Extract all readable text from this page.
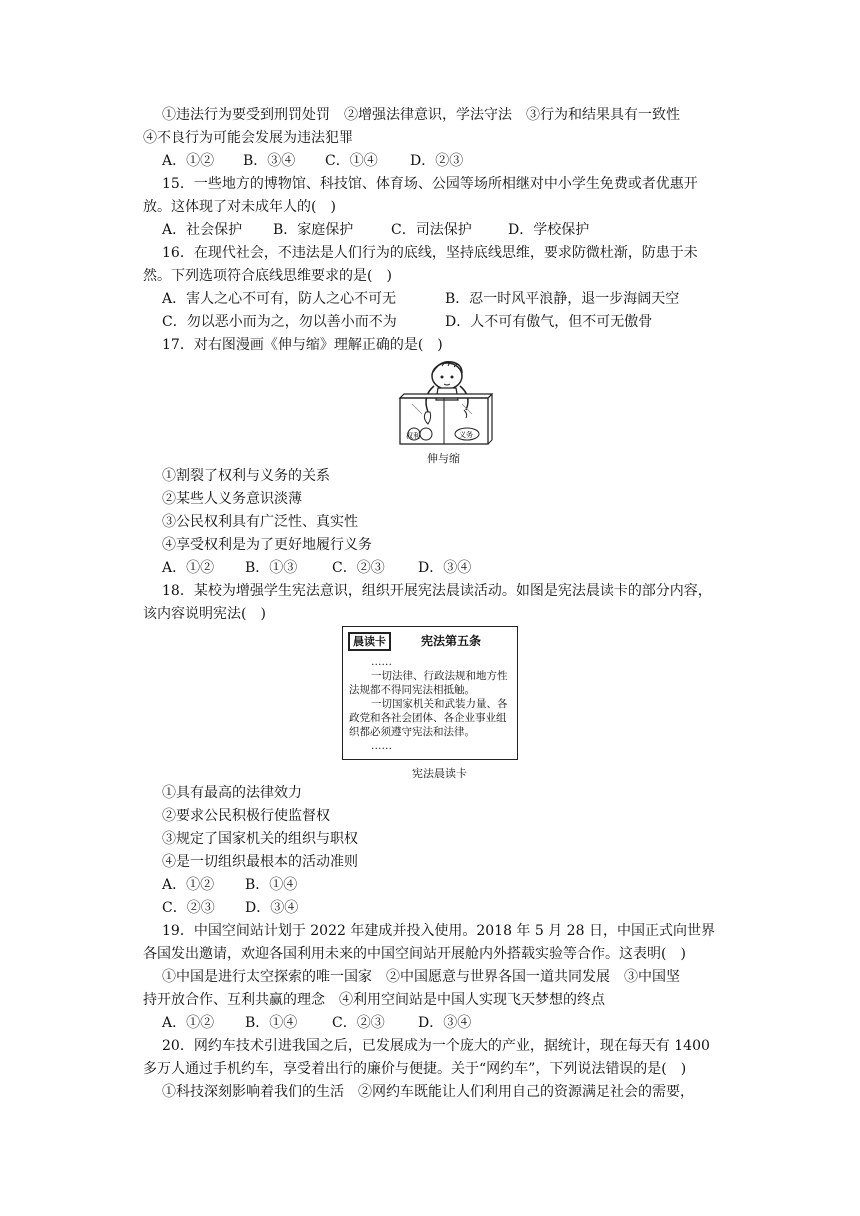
①违法行为要受到刑罚处罚　②增强法律意识，学法守法　③行为和结果具有一致性
④不良行为可能会发展为违法犯罪
A．①② B．③④ C．①④ D．②③
15．一些地方的博物馆、科技馆、体育场、公园等场所相继对中小学生免费或者优惠开
放。这体现了对未成年人的(　)
A．社会保护 B．家庭保护	C．司法保护	D．学校保护
16．在现代社会，不违法是人们行为的底线，坚持底线思维，要求防微杜渐，防患于未
然。下列选项符合底线思维要求的是(　)
A．害人之心不可有，防人之心不可无	B．忍一时风平浪静，退一步海阔天空
C．勿以恶小而为之，勿以善小而不为	D．人不可有傲气，但不可无傲骨
17．对右图漫画《伸与缩》理解正确的是(　)
权利	义务
伸与缩
①割裂了权利与义务的关系
②某些人义务意识淡薄
③公民权利具有广泛性、真实性
④享受权利是为了更好地履行义务
A．①② B．①③ C．②③ D．③④
18．某校为增强学生宪法意识，组织开展宪法晨读活动。如图是宪法晨读卡的部分内容，
该内容说明宪法(　)
晨读卡	宪法第五条
……
一切法律、行政法规和地方性
法规都不得同宪法相抵触。
一切国家机关和武装力量、各
政党和各社会团体、各企业事业组
织都必须遵守宪法和法律。
……
宪法晨读卡
①具有最高的法律效力
②要求公民积极行使监督权
③规定了国家机关的组织与职权
④是一切组织最根本的活动准则
A．①② B．①④
C．②③ D．③④
19．中国空间站计划于 2022 年建成并投入使用。2018 年 5 月 28 日，中国正式向世界
各国发出邀请，欢迎各国利用未来的中国空间站开展舱内外搭载实验等合作。这表明(　)
①中国是进行太空探索的唯一国家　②中国愿意与世界各国一道共同发展　③中国坚
持开放合作、互利共赢的理念　④利用空间站是中国人实现飞天梦想的终点
A．①② B．①④ C．②③ D．③④
20．网约车技术引进我国之后，已发展成为一个庞大的产业，据统计，现在每天有 1400
多万人通过手机约车，享受着出行的廉价与便捷。关于“网约车”，下列说法错误的是(　)
①科技深刻影响着我们的生活　②网约车既能让人们利用自己的资源满足社会的需要，
